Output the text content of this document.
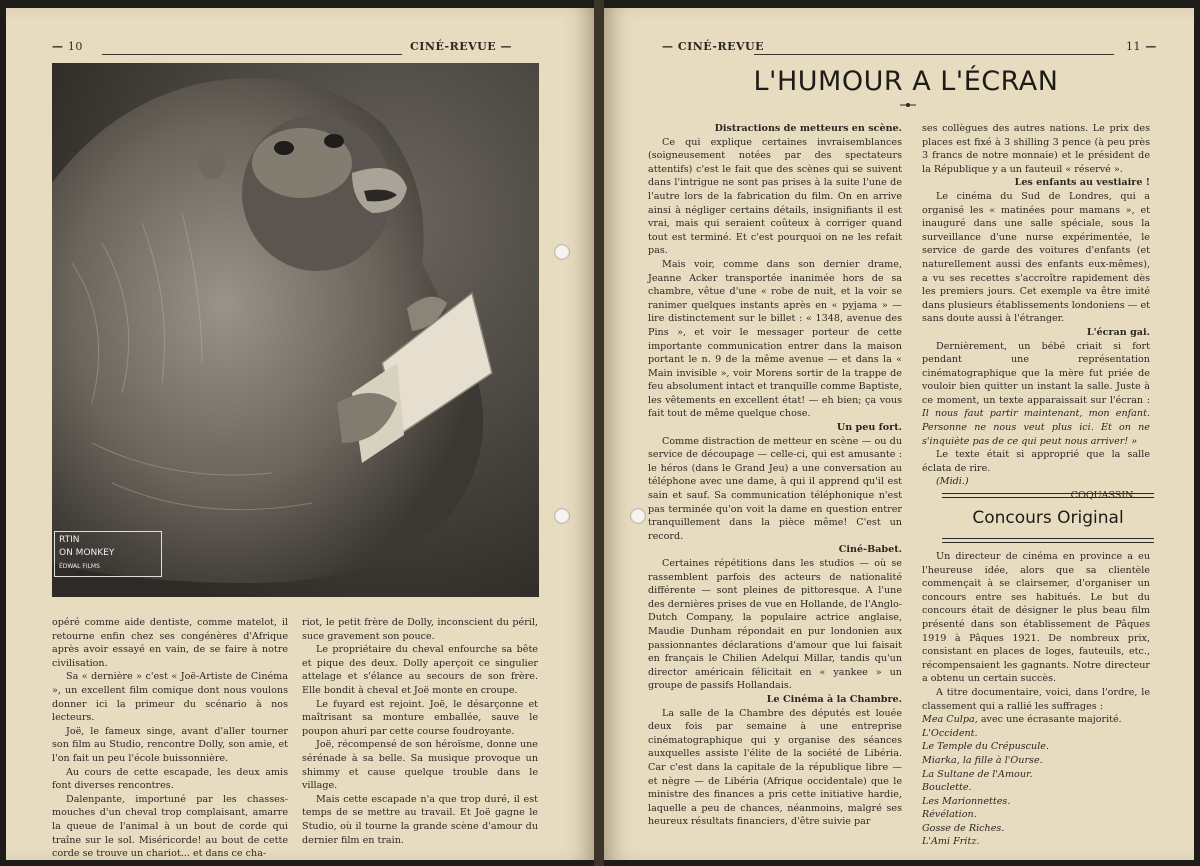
— 10	CINÉ-REVUE —
RTIN
ON MONKEY
ÉDWAL FILMS

opéré comme aide dentiste, comme matelot, il retourne enfin chez ses congénères d'Afrique après avoir essayé en vain, de se faire à notre civilisation.

Sa « dernière » c'est « Joë-Artiste de Cinéma », un excellent film comique dont nous voulons donner ici la primeur du scénario à nos lecteurs.

Joë, le fameux singe, avant d'aller tourner son film au Studio, rencontre Dolly, son amie, et l'on fait un peu l'école buissonnière.

Au cours de cette escapade, les deux amis font diverses rencontres.

Dalenpante, importuné par les chasses-mouches d'un cheval trop complaisant, amarre la queue de l'animal à un bout de corde qui traîne sur le sol. Miséricorde! au bout de cette corde se trouve un chariot... et dans ce cha-

riot, le petit frère de Dolly, inconscient du péril, suce gravement son pouce.

Le propriétaire du cheval enfourche sa bête et pique des deux. Dolly aperçoit ce singulier attelage et s'élance au secours de son frère. Elle bondit à cheval et Joë monte en croupe.

Le fuyard est rejoint. Joë, le désarçonne et maîtrisant sa monture emballée, sauve le poupon ahuri par cette course foudroyante.

Joë, récompensé de son héroïsme, donne une sérénade à sa belle. Sa musique provoque un shimmy et cause quelque trouble dans le village.

Mais cette escapade n'a que trop duré, il est temps de se mettre au travail. Et Joë gagne le Studio, où il tourne la grande scène d'amour du dernier film en train.

— CINÉ-REVUE	11 —
L'HUMOUR A L'ÉCRAN

Distractions de metteurs en scène.

Ce qui explique certaines invraisemblances (soigneusement notées par des spectateurs attentifs) c'est le fait que des scènes qui se suivent dans l'intrigue ne sont pas prises à la suite l'une de l'autre lors de la fabrication du film. On en arrive ainsi à négliger certains détails, insignifiants il est vrai, mais qui seraient coûteux à corriger quand tout est terminé. Et c'est pourquoi on ne les refait pas.

Mais voir, comme dans son dernier drame, Jeanne Acker transportée inanimée hors de sa chambre, vêtue d'une « robe de nuit, et la voir se ranimer quelques instants après en « pyjama » — lire distinctement sur le billet : « 1348, avenue des Pins », et voir le messager porteur de cette importante communication entrer dans la maison portant le n. 9 de la même avenue — et dans la « Main invisible », voir Morens sortir de la trappe de feu absolument intact et tranquille comme Baptiste, les vêtements en excellent état! — eh bien; ça vous fait tout de même quelque chose.

Un peu fort.

Comme distraction de metteur en scène — ou du service de découpage — celle-ci, qui est amusante : le héros (dans le Grand Jeu) a une conversation au téléphone avec une dame, à qui il apprend qu'il est sain et sauf. Sa communication téléphonique n'est pas terminée qu'on voit la dame en question entrer tranquillement dans la pièce même! C'est un record.

Ciné-Babet.

Certaines répétitions dans les studios — où se rassemblent parfois des acteurs de nationalité différente — sont pleines de pittoresque. A l'une des dernières prises de vue en Hollande, de l'Anglo-Dutch Company, la populaire actrice anglaise, Maudie Dunham répondait en pur londonien aux passionnantes déclarations d'amour que lui faisait en français le Chilien Adelqui Millar, tandis qu'un director américain félicitait en « yankee » un groupe de passifs Hollandais.

Le Cinéma à la Chambre.

La salle de la Chambre des députés est louée deux fois par semaine à une entreprise cinématographique qui y organise des séances auxquelles assiste l'élite de la société de Libéria. Car c'est dans la capitale de la république libre — et nègre — de Libéria (Afrique occidentale) que le ministre des finances a pris cette initiative hardie, laquelle a peu de chances, néanmoins, malgré ses heureux résultats financiers, d'être suivie par

ses collègues des autres nations. Le prix des places est fixé à 3 shilling 3 pence (à peu près 3 francs de notre monnaie) et le président de la République y a un fauteuil « réservé ».

Les enfants au vestiaire !

Le cinéma du Sud de Londres, qui a organisé les « matinées pour mamans », et inauguré dans une salle spéciale, sous la surveillance d'une nurse expérimentée, le service de garde des voitures d'enfants (et naturellement aussi des enfants eux-mêmes), a vu ses recettes s'accroître rapidement dès les premiers jours. Cet exemple va être imité dans plusieurs établissements londoniens — et sans doute aussi à l'étranger.

L'écran gai.

Dernièrement, un bébé criait si fort pendant une représentation cinématographique que la mère fut priée de vouloir bien quitter un instant la salle. Juste à ce moment, un texte apparaissait sur l'écran : Il nous faut partir maintenant, mon enfant. Personne ne nous veut plus ici. Et on ne s'inquiète pas de ce qui peut nous arriver! »

Le texte était si approprié que la salle éclata de rire.

(Midi.)

COQUASSIN.

Concours Original

Un directeur de cinéma en province a eu l'heureuse idée, alors que sa clientèle commençait à se clairsemer, d'organiser un concours entre ses habitués. Le but du concours était de désigner le plus beau film présenté dans son établissement de Pâques 1919 à Pâques 1921. De nombreux prix, consistant en places de loges, fauteuils, etc., récompensaient les gagnants. Notre directeur a obtenu un certain succès.

A titre documentaire, voici, dans l'ordre, le classement qui a rallié les suffrages :

Mea Culpa, avec une écrasante majorité.

L'Occident.

Le Temple du Crépuscule.

Miarka, la fille à l'Ourse.

La Sultane de l'Amour.

Bouclette.

Les Marionnettes.

Révélation.

Gosse de Riches.

L'Ami Fritz.
